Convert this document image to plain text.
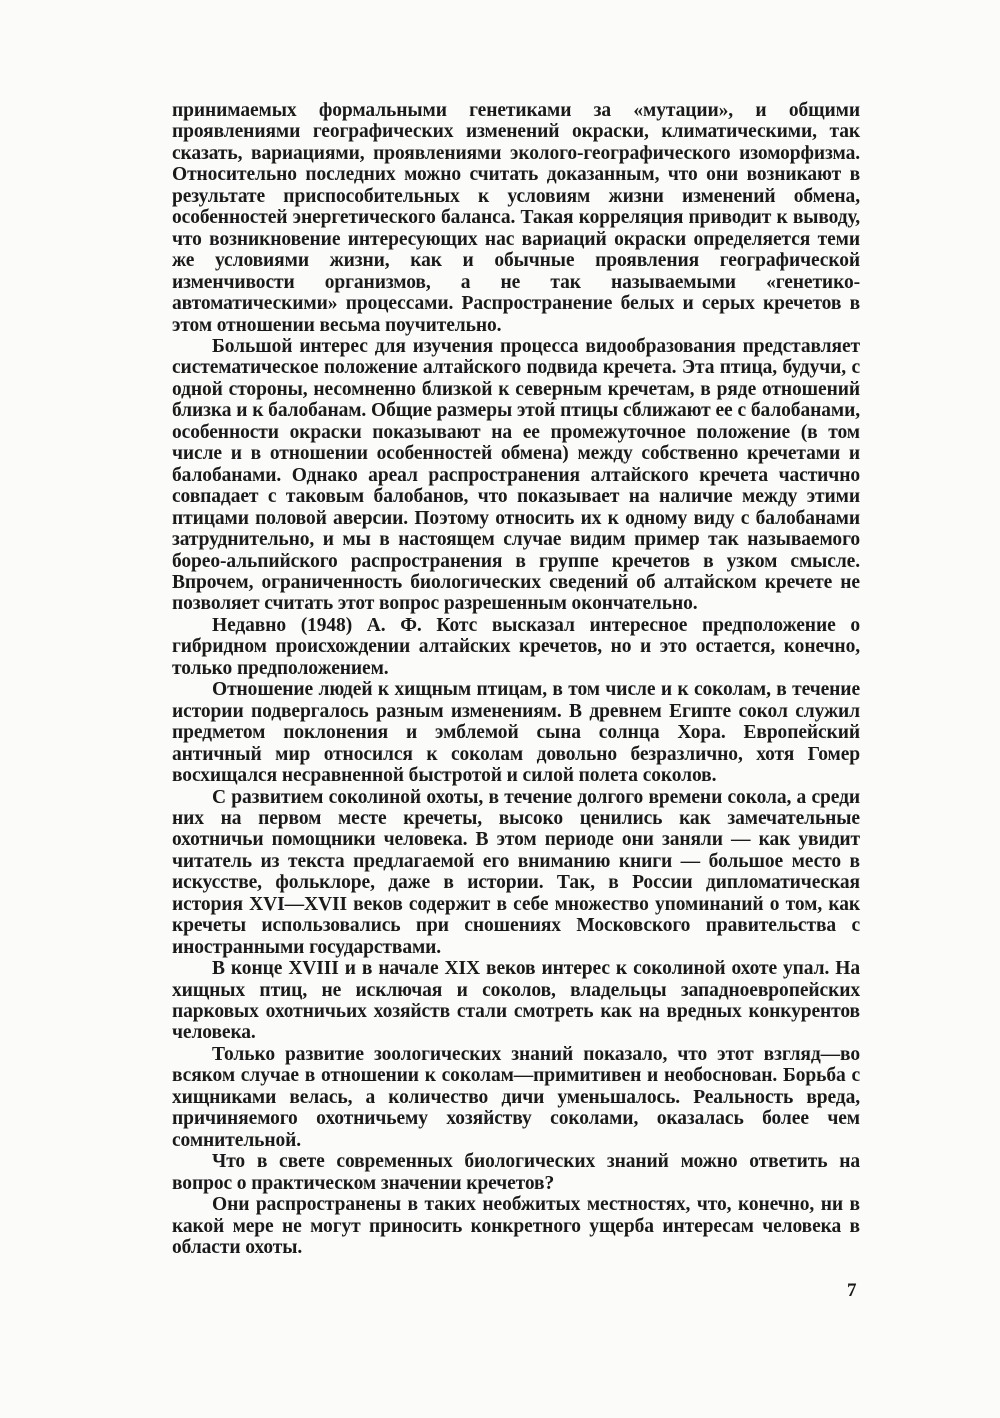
принимаемых формальными генетиками за «мутации», и общими проявлениями географических изменений окраски, климатическими, так сказать, вариациями, проявлениями эколого-географического изоморфизма. Относительно последних можно считать доказанным, что они возникают в результате приспособительных к условиям жизни изменений обмена, особенностей энергетического баланса. Такая корреляция приводит к выводу, что возникновение интересующих нас вариаций окраски определяется теми же условиями жизни, как и обычные проявления географической изменчивости организмов, а не так называемыми «генетико-автоматическими» процессами. Распространение белых и серых кречетов в этом отношении весьма поучительно.

Большой интерес для изучения процесса видообразования представляет систематическое положение алтайского подвида кречета. Эта птица, будучи, с одной стороны, несомненно близкой к северным кречетам, в ряде отношений близка и к балобанам. Общие размеры этой птицы сближают ее с балобанами, особенности окраски показывают на ее промежуточное положение (в том числе и в отношении особенностей обмена) между собственно кречетами и балобанами. Однако ареал распространения алтайского кречета частично совпадает с таковым балобанов, что показывает на наличие между этими птицами половой аверсии. Поэтому относить их к одному виду с балобанами затруднительно, и мы в настоящем случае видим пример так называемого борео-альпийского распространения в группе кречетов в узком смысле. Впрочем, ограниченность биологических сведений об алтайском кречете не позволяет считать этот вопрос разрешенным окончательно.

Недавно (1948) А. Ф. Котс высказал интересное предположение о гибридном происхождении алтайских кречетов, но и это остается, конечно, только предположением.

Отношение людей к хищным птицам, в том числе и к соколам, в течение истории подвергалось разным изменениям. В древнем Египте сокол служил предметом поклонения и эмблемой сына солнца Хора. Европейский античный мир относился к соколам довольно безразлично, хотя Гомер восхищался несравненной быстротой и силой полета соколов.

С развитием соколиной охоты, в течение долгого времени сокола, а среди них на первом месте кречеты, высоко ценились как замечательные охотничьи помощники человека. В этом периоде они заняли — как увидит читатель из текста предлагаемой его вниманию книги — большое место в искусстве, фольклоре, даже в истории. Так, в России дипломатическая история XVI—XVII веков содержит в себе множество упоминаний о том, как кречеты использовались при сношениях Московского правительства с иностранными государствами.

В конце XVIII и в начале XIX веков интерес к соколиной охоте упал. На хищных птиц, не исключая и соколов, владельцы западноевропейских парковых охотничьих хозяйств стали смотреть как на вредных конкурентов человека.

Только развитие зоологических знаний показало, что этот взгляд—во всяком случае в отношении к соколам—примитивен и необоснован. Борьба с хищниками велась, а количество дичи уменьшалось. Реальность вреда, причиняемого охотничьему хозяйству соколами, оказалась более чем сомнительной.

Что в свете современных биологических знаний можно ответить на вопрос о практическом значении кречетов?

Они распространены в таких необжитых местностях, что, конечно, ни в какой мере не могут приносить конкретного ущерба интересам человека в области охоты.

7
